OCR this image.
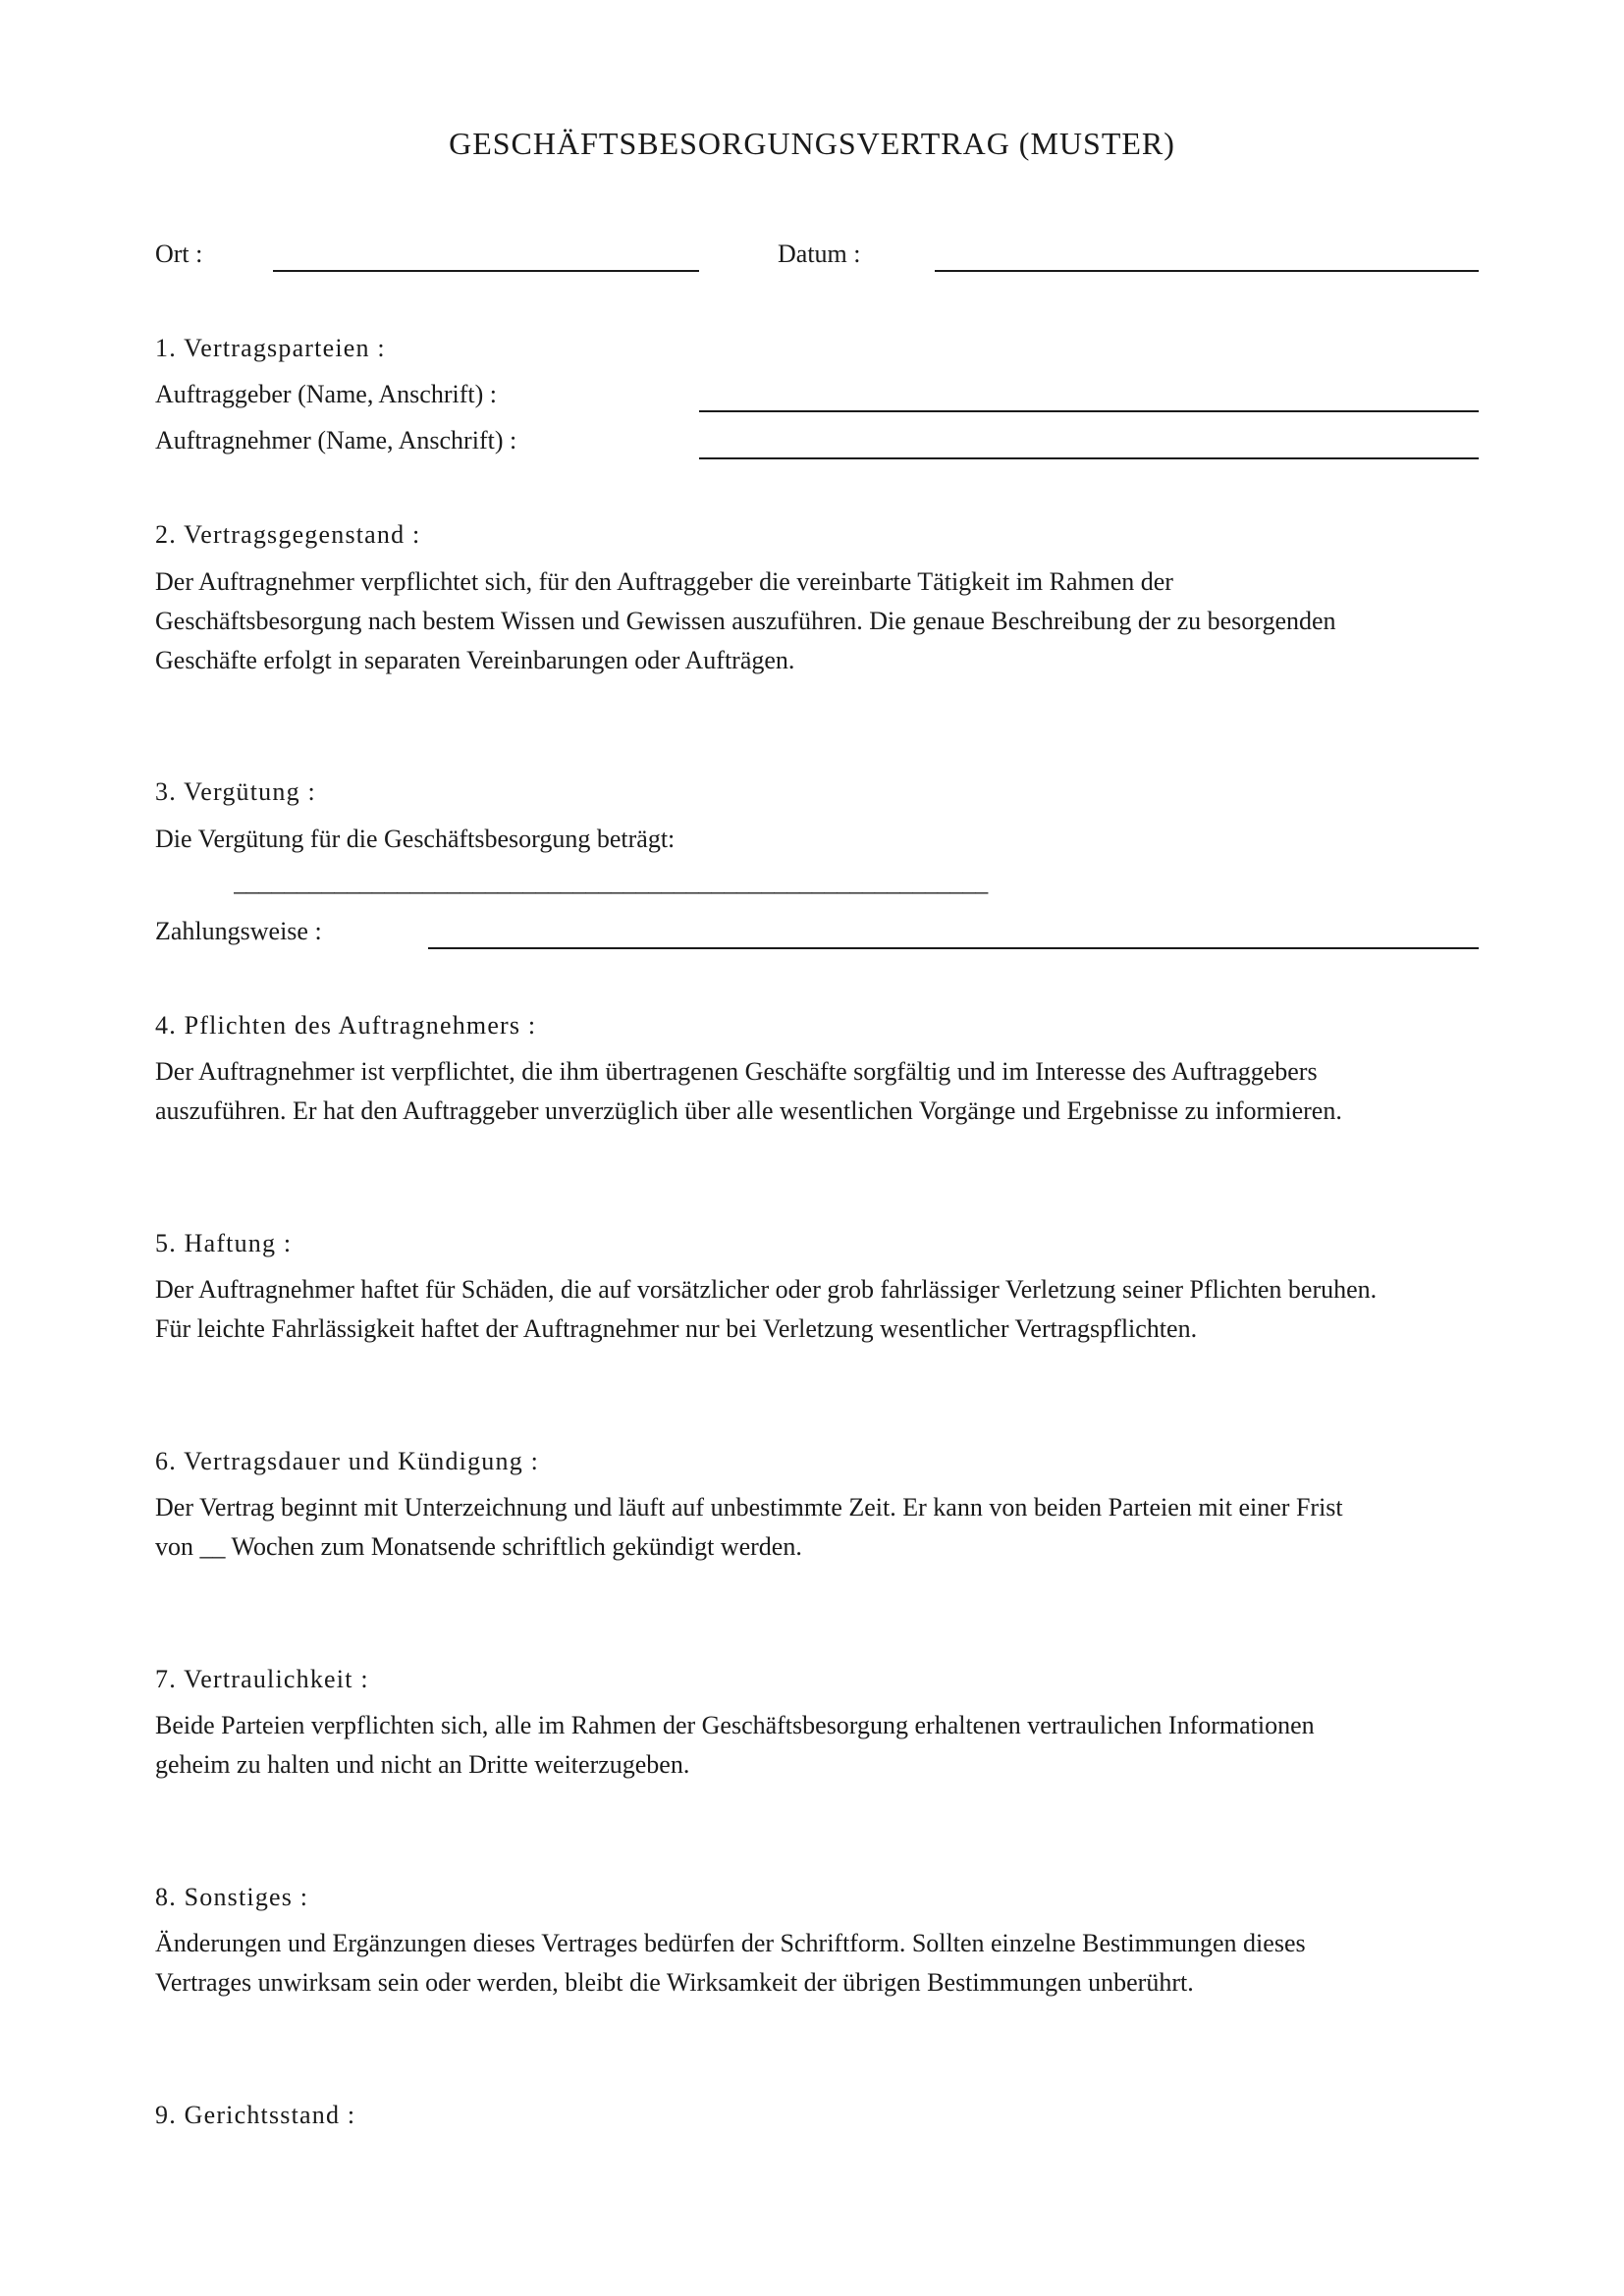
GESCHÄFTSBESORGUNGSVERTRAG (MUSTER)
Ort :	Datum :
1. Vertragsparteien :
Auftraggeber (Name, Anschrift) :
Auftragnehmer (Name, Anschrift) :
2. Vertragsgegenstand :
Der Auftragnehmer verpflichtet sich, für den Auftraggeber die vereinbarte Tätigkeit im Rahmen der
Geschäftsbesorgung nach bestem Wissen und Gewissen auszuführen. Die genaue Beschreibung der zu besorgenden
Geschäfte erfolgt in separaten Vereinbarungen oder Aufträgen.
3. Vergütung :
Die Vergütung für die Geschäftsbesorgung beträgt:
____________________________________________________________
Zahlungsweise :
4. Pflichten des Auftragnehmers :
Der Auftragnehmer ist verpflichtet, die ihm übertragenen Geschäfte sorgfältig und im Interesse des Auftraggebers
auszuführen. Er hat den Auftraggeber unverzüglich über alle wesentlichen Vorgänge und Ergebnisse zu informieren.
5. Haftung :
Der Auftragnehmer haftet für Schäden, die auf vorsätzlicher oder grob fahrlässiger Verletzung seiner Pflichten beruhen.
Für leichte Fahrlässigkeit haftet der Auftragnehmer nur bei Verletzung wesentlicher Vertragspflichten.
6. Vertragsdauer und Kündigung :
Der Vertrag beginnt mit Unterzeichnung und läuft auf unbestimmte Zeit. Er kann von beiden Parteien mit einer Frist
von __ Wochen zum Monatsende schriftlich gekündigt werden.
7. Vertraulichkeit :
Beide Parteien verpflichten sich, alle im Rahmen der Geschäftsbesorgung erhaltenen vertraulichen Informationen
geheim zu halten und nicht an Dritte weiterzugeben.
8. Sonstiges :
Änderungen und Ergänzungen dieses Vertrages bedürfen der Schriftform. Sollten einzelne Bestimmungen dieses
Vertrages unwirksam sein oder werden, bleibt die Wirksamkeit der übrigen Bestimmungen unberührt.
9. Gerichtsstand :
